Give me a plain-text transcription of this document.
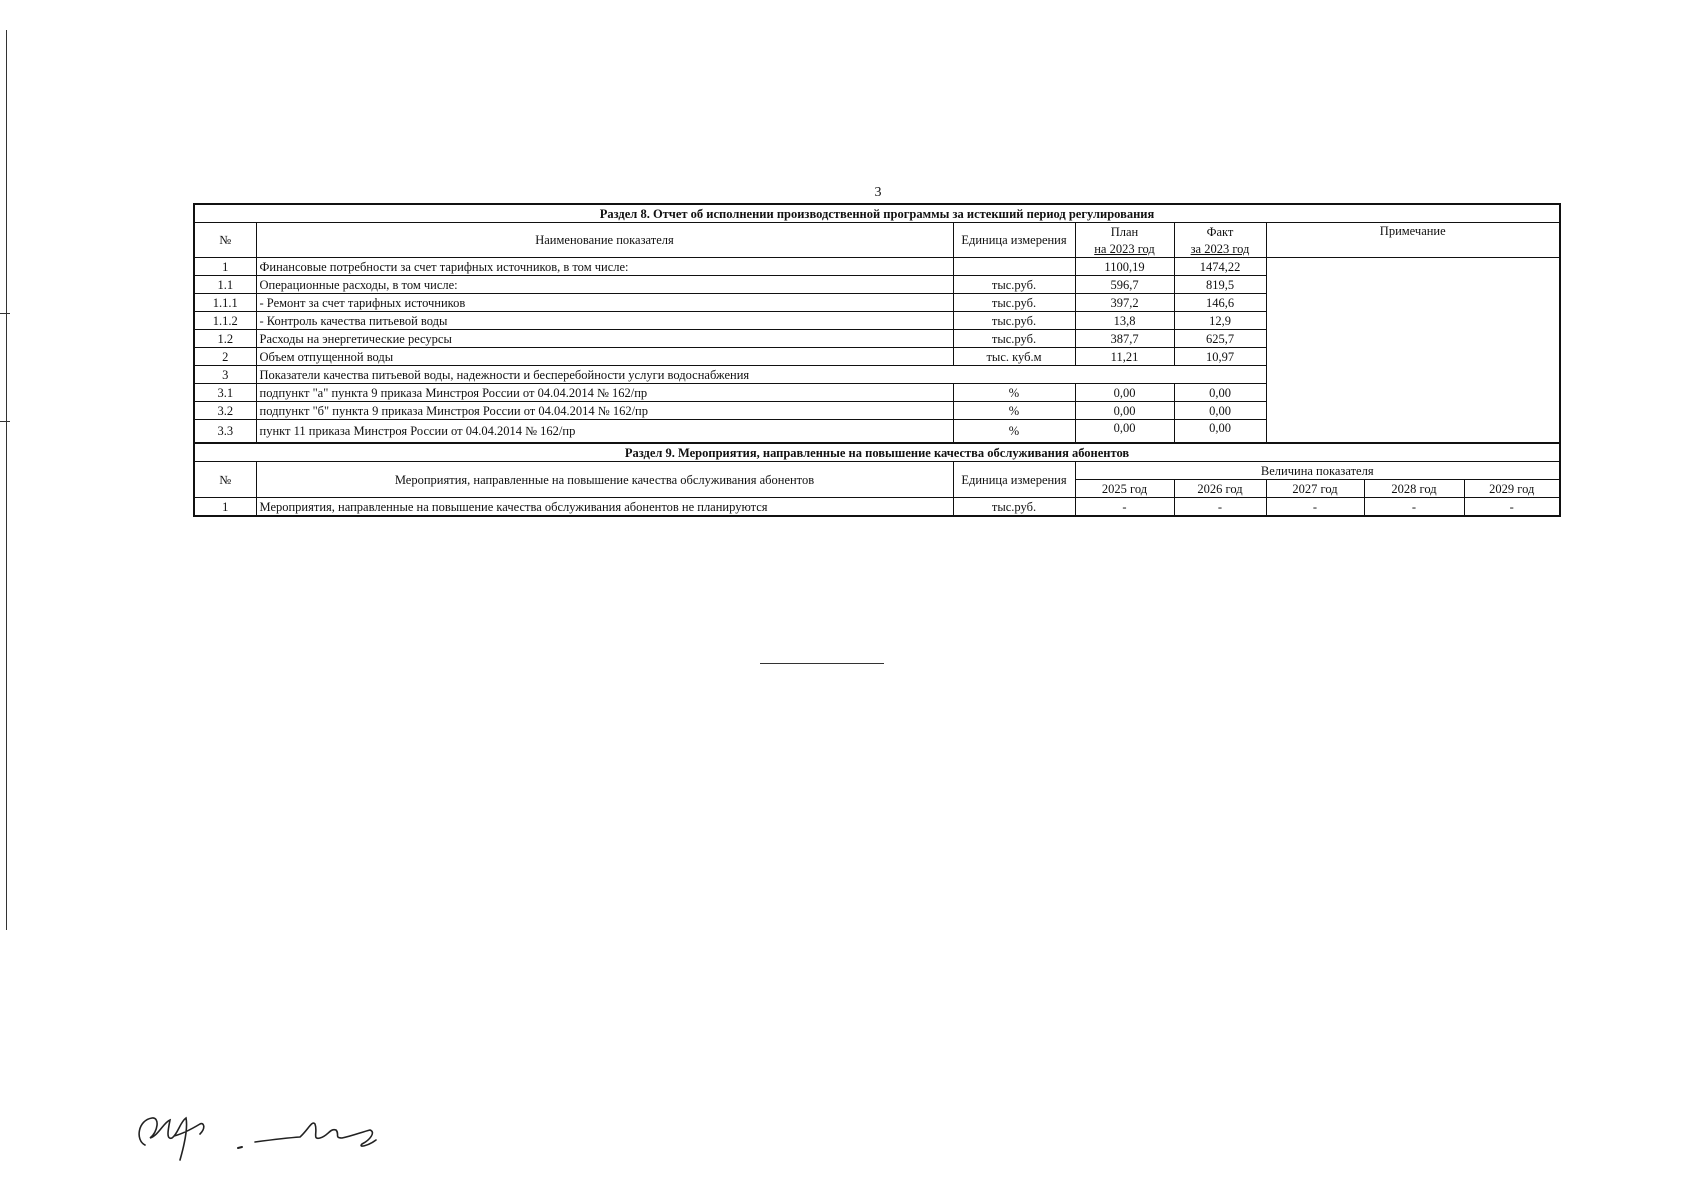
3
Раздел 8. Отчет об исполнении производственной программы за истекший период регулирования							
№	Наименование показателя	Единица измерения	План	Факт	Примечание		
			на 2023 год	за 2023 год			
1	Финансовые потребности за счет тарифных источников, в том числе:		1100,19	1474,22			
1.1	Операционные расходы, в том числе:	тыс.руб.	596,7	819,5			
1.1.1	- Ремонт за счет тарифных источников	тыс.руб.	397,2	146,6			
1.1.2	- Контроль качества питьевой воды	тыс.руб.	13,8	12,9			
1.2	Расходы на энергетические ресурсы	тыс.руб.	387,7	625,7			
2	Объем отпущенной воды	тыс. куб.м	11,21	10,97			
3	Показатели качества питьевой воды, надежности и бесперебойности услуги водоснабжения						
3.1	подпункт "а" пункта 9 приказа Минстроя России от 04.04.2014 № 162/пр	%	0,00	0,00			
3.2	подпункт "б" пункта 9 приказа Минстроя России от 04.04.2014 № 162/пр	%	0,00	0,00			
3.3	пункт 11 приказа Минстроя России от 04.04.2014 № 162/пр	%	0,00	0,00			
Раздел 9. Мероприятия, направленные на повышение качества обслуживания абонентов							
№	Мероприятия, направленные на повышение качества обслуживания абонентов	Единица измерения	Величина показателя				
			2025 год	2026 год	2027 год	2028 год	2029 год
1	Мероприятия, направленные на повышение качества обслуживания абонентов не планируются	тыс.руб.	-	-	-	-	-
